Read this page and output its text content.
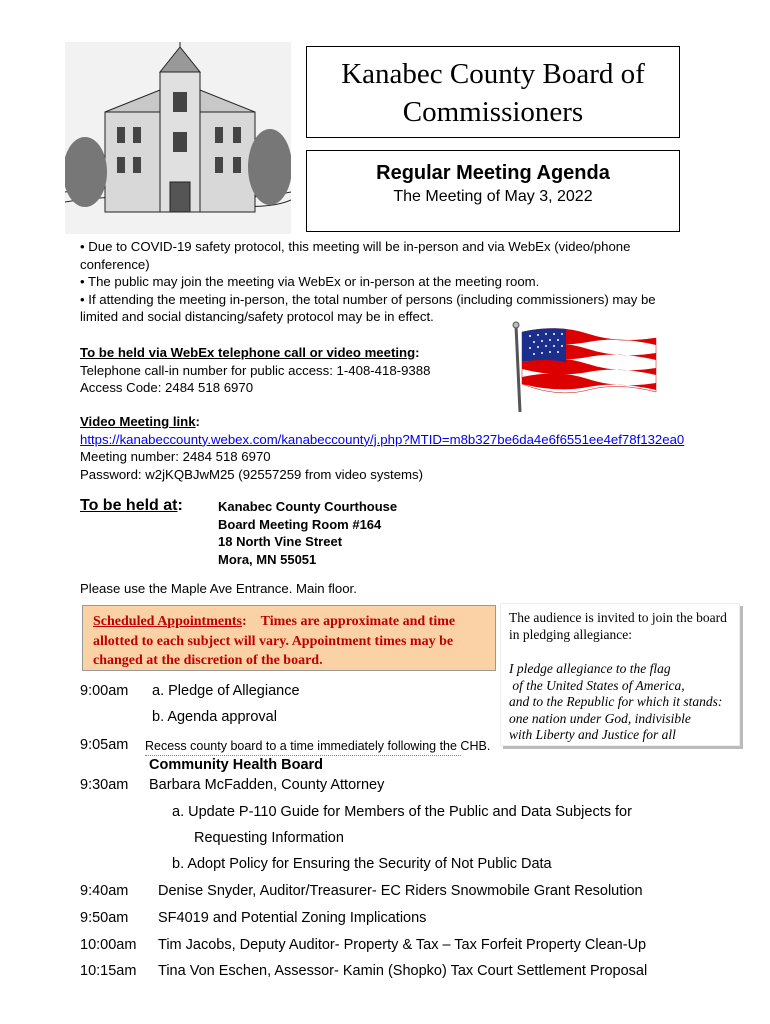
Kanabec County Board of Commissioners
Regular Meeting Agenda
The Meeting of May 3, 2022
• Due to COVID-19 safety protocol, this meeting will be in-person and via WebEx (video/phone conference)
• The public may join the meeting via WebEx or in-person at the meeting room.
• If attending the meeting in-person, the total number of persons (including commissioners) may be limited and social distancing/safety protocol may be in effect.
To be held via WebEx telephone call or video meeting:
Telephone call-in number for public access: 1-408-418-9388
Access Code: 2484 518 6970
Video Meeting link:
https://kanabeccounty.webex.com/kanabeccounty/j.php?MTID=m8b327be6da4e6f6551ee4ef78f132ea0
Meeting number: 2484 518 6970
Password: w2jKQBJwM25 (92557259 from video systems)
To be held at:	Kanabec County Courthouse
Board Meeting Room #164
18 North Vine Street
Mora, MN 55051
Please use the Maple Ave Entrance. Main floor.
Scheduled Appointments: Times are approximate and time allotted to each subject will vary. Appointment times may be changed at the discretion of the board.
The audience is invited to join the board in pledging allegiance:
I pledge allegiance to the flag
of the United States of America,
and to the Republic for which it stands:
one nation under God, indivisible
with Liberty and Justice for all
9:00am a. Pledge of Allegiance
b. Agenda approval
9:05am Recess county board to a time immediately following the CHB.
Community Health Board
9:30am Barbara McFadden, County Attorney
a. Update P-110 Guide for Members of the Public and Data Subjects for
Requesting Information
b. Adopt Policy for Ensuring the Security of Not Public Data
9:40am Denise Snyder, Auditor/Treasurer- EC Riders Snowmobile Grant Resolution
9:50am SF4019 and Potential Zoning Implications
10:00am Tim Jacobs, Deputy Auditor- Property & Tax – Tax Forfeit Property Clean-Up
10:15am Tina Von Eschen, Assessor- Kamin (Shopko) Tax Court Settlement Proposal
